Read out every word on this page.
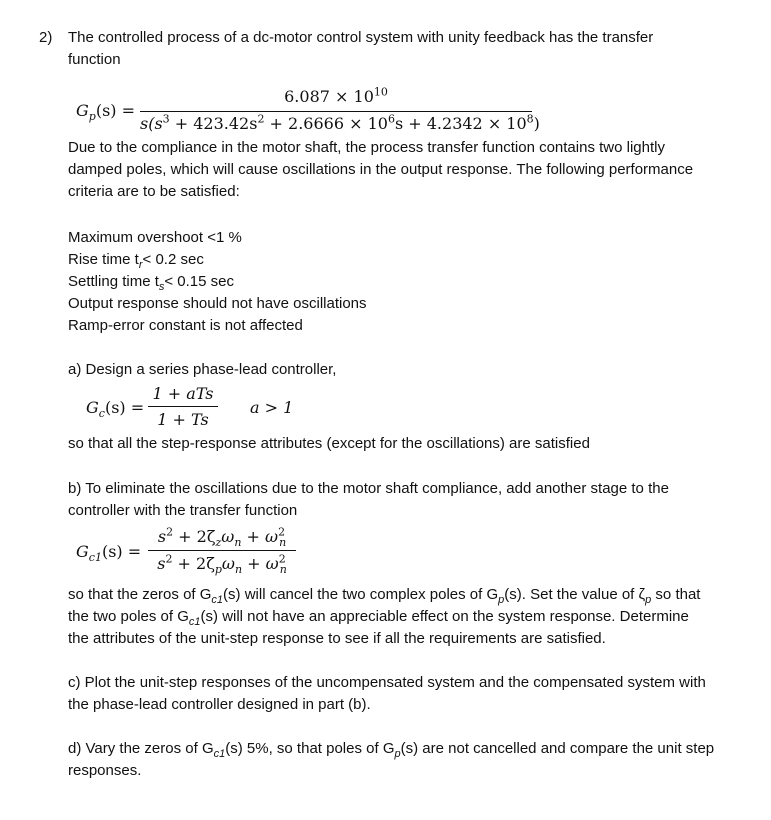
2) The controlled process of a dc-motor control system with unity feedback has the transfer
function
$G_p(s)$ =
$6.087 \times 10^{10}$
$s(s^3 + 423.42s^2 + 2.6666 \times 10^6s + 4.2342 \times 10^8)$
Due to the compliance in the motor shaft, the process transfer function contains two lightly
damped poles, which will cause oscillations in the output response. The following performance
criteria are to be satisfied:
Maximum overshoot <1 %
Rise time $t_r< 0.2$ sec
Settling time $t_s< 0.15$ sec
Output response should not have oscillations
Ramp-error constant is not affected
a) Design a series phase-lead controller,
$G_c(s)$ =
1 + aTs
1 + Ts
a > 1
so that all the step-response attributes (except for the oscillations) are satisfied
b) To eliminate the oscillations due to the motor shaft compliance, add another stage to the
controller with the transfer function
$G_{c1}(s)$ =
$s^2 + 2\zeta_z\omega_n + \omega^2_n$
$s^2 + 2\zeta_p\omega_n + \omega^2_n$
so that the zeros of $G_{c1}(s)$ will cancel the two complex poles of $G_p(s)$. Set the value of $\zeta_p$ so that
the two poles of $G_{c1}(s)$ will not have an appreciable effect on the system response. Determine
the attributes of the unit-step response to see if all the requirements are satisfied.
c) Plot the unit-step responses of the uncompensated system and the compensated system with
the phase-lead controller designed in part (b).
d) Vary the zeros of $G_{c1}(s)$ 5%, so that poles of $G_p(s)$ are not cancelled and compare the unit step
responses.
